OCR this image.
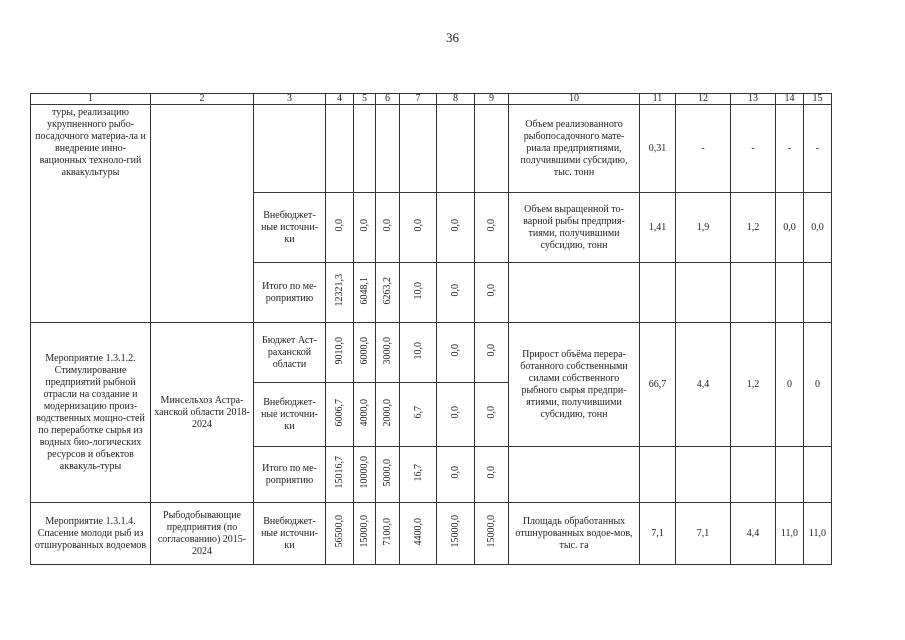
36
1	2	3	4	5	6	7	8	9	10	11	12	13	14	15
туры, реализацию укрупненного рыбо-посадочного материа-ла и внедрение инно-вационных техноло-гий аквакультуры									Объем реализованного рыбопосадочного мате-риала предприятиями, получившими субсидию, тыс. тонн	0,31	-	-	-	-
		Внебюджет-ные источни-ки	0,0	0,0	0,0	0,0	0,0	0,0	Объем выращенной то-варной рыбы предприя-тиями, получившими субсидию, тонн	1,41	1,9	1,2	0,0	0,0
		Итого по ме-роприятию	12321,3	6048,1	6263,2	10,0	0,0	0,0						
Мероприятие 1.3.1.2. Стимулирование предприятий рыбной отрасли на создание и модернизацию произ-водственных мощно-стей по переработке сырья из водных био-логических ресурсов и объектов аквакуль-туры	Минсельхоз Астра-ханской области 2018-2024	Бюджет Аст-раханской области	9010,0	6000,0	3000,0	10,0	0,0	0,0	Прирост объёма перера-ботанного собственными силами собственного рыбного сырья предпри-ятиями, получившими субсидию, тонн	66,7	4,4	1,2	0	0
		Внебюджет-ные источни-ки	6006,7	4000,0	2000,0	6,7	0,0	0,0						
		Итого по ме-роприятию	15016,7	10000,0	5000,0	16,7	0,0	0,0						
Мероприятие 1.3.1.4. Спасение молоди рыб из отшнурованных водоемов	Рыбодобывающие предприятия (по согласованию) 2015-2024	Внебюджет-ные источни-ки	56500,0	15000,0	7100,0	4400,0	15000,0	15000,0	Площадь обработанных отшнурованных водое-мов, тыс. га	7,1	7,1	4,4	11,0	11,0
